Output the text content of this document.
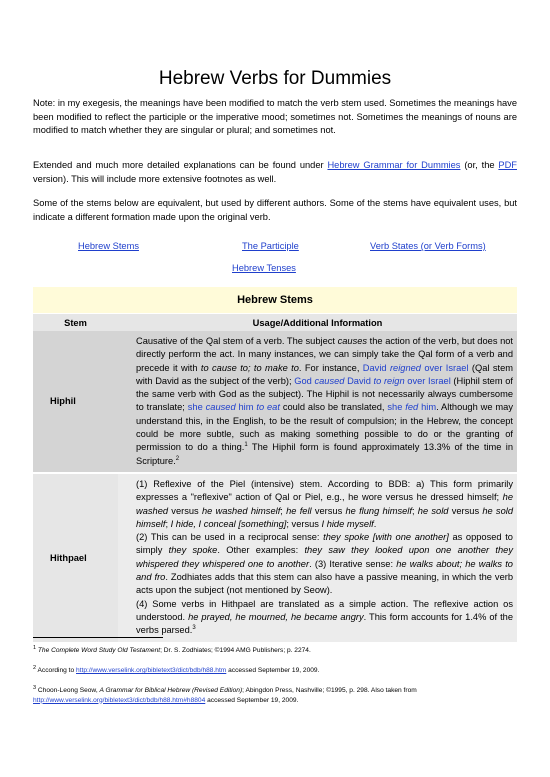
Hebrew Verbs for Dummies

Note: in my exegesis, the meanings have been modified to match the verb stem used. Sometimes the meanings have been modified to reflect the participle or the imperative mood; sometimes not. Sometimes the meanings of nouns are modified to match whether they are singular or plural; and sometimes not.

Extended and much more detailed explanations can be found under Hebrew Grammar for Dummies (or, the PDF version). This will include more extensive footnotes as well.

Some of the stems below are equivalent, but used by different authors. Some of the stems have equivalent uses, but indicate a different formation made upon the original verb.

Hebrew Stems	The Participle	Verb States (or Verb Forms)
Hebrew Tenses
Hebrew Stems	
Stem	Usage/Additional Information
Hiphil	Causative of the Qal stem of a verb. The subject causes the action of the verb, but does not directly perform the act. In many instances, we can simply take the Qal form of a verb and precede it with to cause to; to make to. For instance, David reigned over Israel (Qal stem with David as the subject of the verb); God caused David to reign over Israel (Hiphil stem of the same verb with God as the subject). The Hiphil is not necessarily always cumbersome to translate; she caused him to eat could also be translated, she fed him. Although we may understand this, in the English, to be the result of compulsion; in the Hebrew, the concept could be more subtle, such as making something possible to do or the granting of permission to do a thing.$^1$ The Hiphil form is found approximately 13.3% of the time in Scripture.$^2$

Hithpael	(1) Reflexive of the Piel (intensive) stem. According to BDB: a) This form primarily expresses a "reflexive" action of Qal or Piel, e.g., he wore versus he dressed himself; he washed versus he washed himself; he fell versus he flung himself; he sold versus he sold himself; I hide, I conceal [something]; versus I hide myself.
(2) This can be used in a reciprocal sense: they spoke [with one another] as opposed to simply they spoke. Other examples: they saw they looked upon one another they whispered they whispered one to another. (3) Iterative sense: he walks about; he walks to and fro. Zodhiates adds that this stem can also have a passive meaning, in which the verb acts upon the subject (not mentioned by Seow).
(4) Some verbs in Hithpael are translated as a simple action. The reflexive action os understood. he prayed, he mourned, he became angry. This form accounts for 1.4% of the verbs parsed.$^3$
$^1$ The Complete Word Study Old Testament; Dr. S. Zodhiates; ©1994 AMG Publishers; p. 2274.
$^2$ According to http://www.verselink.org/bibletext3/dict/bdb/h88.htm accessed September 19, 2009.
$^3$ Choon-Leong Seow, A Grammar for Biblical Hebrew (Revised Edition); Abingdon Press, Nashville; ©1995, p. 298. Also taken from http://www.verselink.org/bibletext3/dict/bdb/h88.htm#h8804 accessed September 19, 2009.
